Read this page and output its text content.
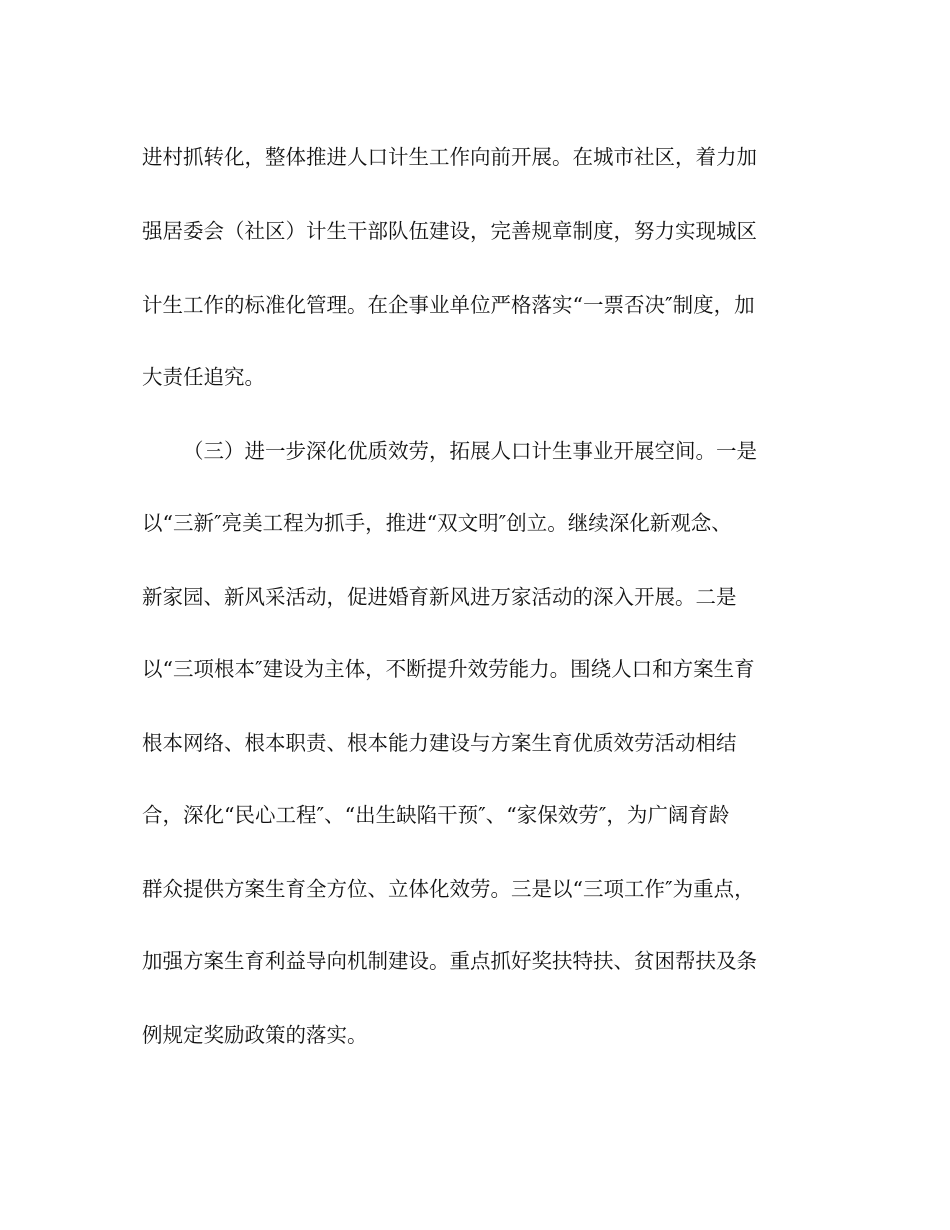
进村抓转化，整体推进人口计生工作向前开展。在城市社区，着力加

强居委会（社区）计生干部队伍建设，完善规章制度，努力实现城区

计生工作的标准化管理。在企事业单位严格落实“一票否决″制度，加

大责任追究。

（三）进一步深化优质效劳，拓展人口计生事业开展空间。一是

以“三新″亮美工程为抓手，推进“双文明″创立。继续深化新观念、

新家园、新风采活动，促进婚育新风进万家活动的深入开展。二是

以“三项根本″建设为主体，不断提升效劳能力。围绕人口和方案生育

根本网络、根本职责、根本能力建设与方案生育优质效劳活动相结

合，深化“民心工程″、“出生缺陷干预″、“家保效劳″，为广阔育龄

群众提供方案生育全方位、立体化效劳。三是以“三项工作″为重点，

加强方案生育利益导向机制建设。重点抓好奖扶特扶、贫困帮扶及条

例规定奖励政策的落实。
